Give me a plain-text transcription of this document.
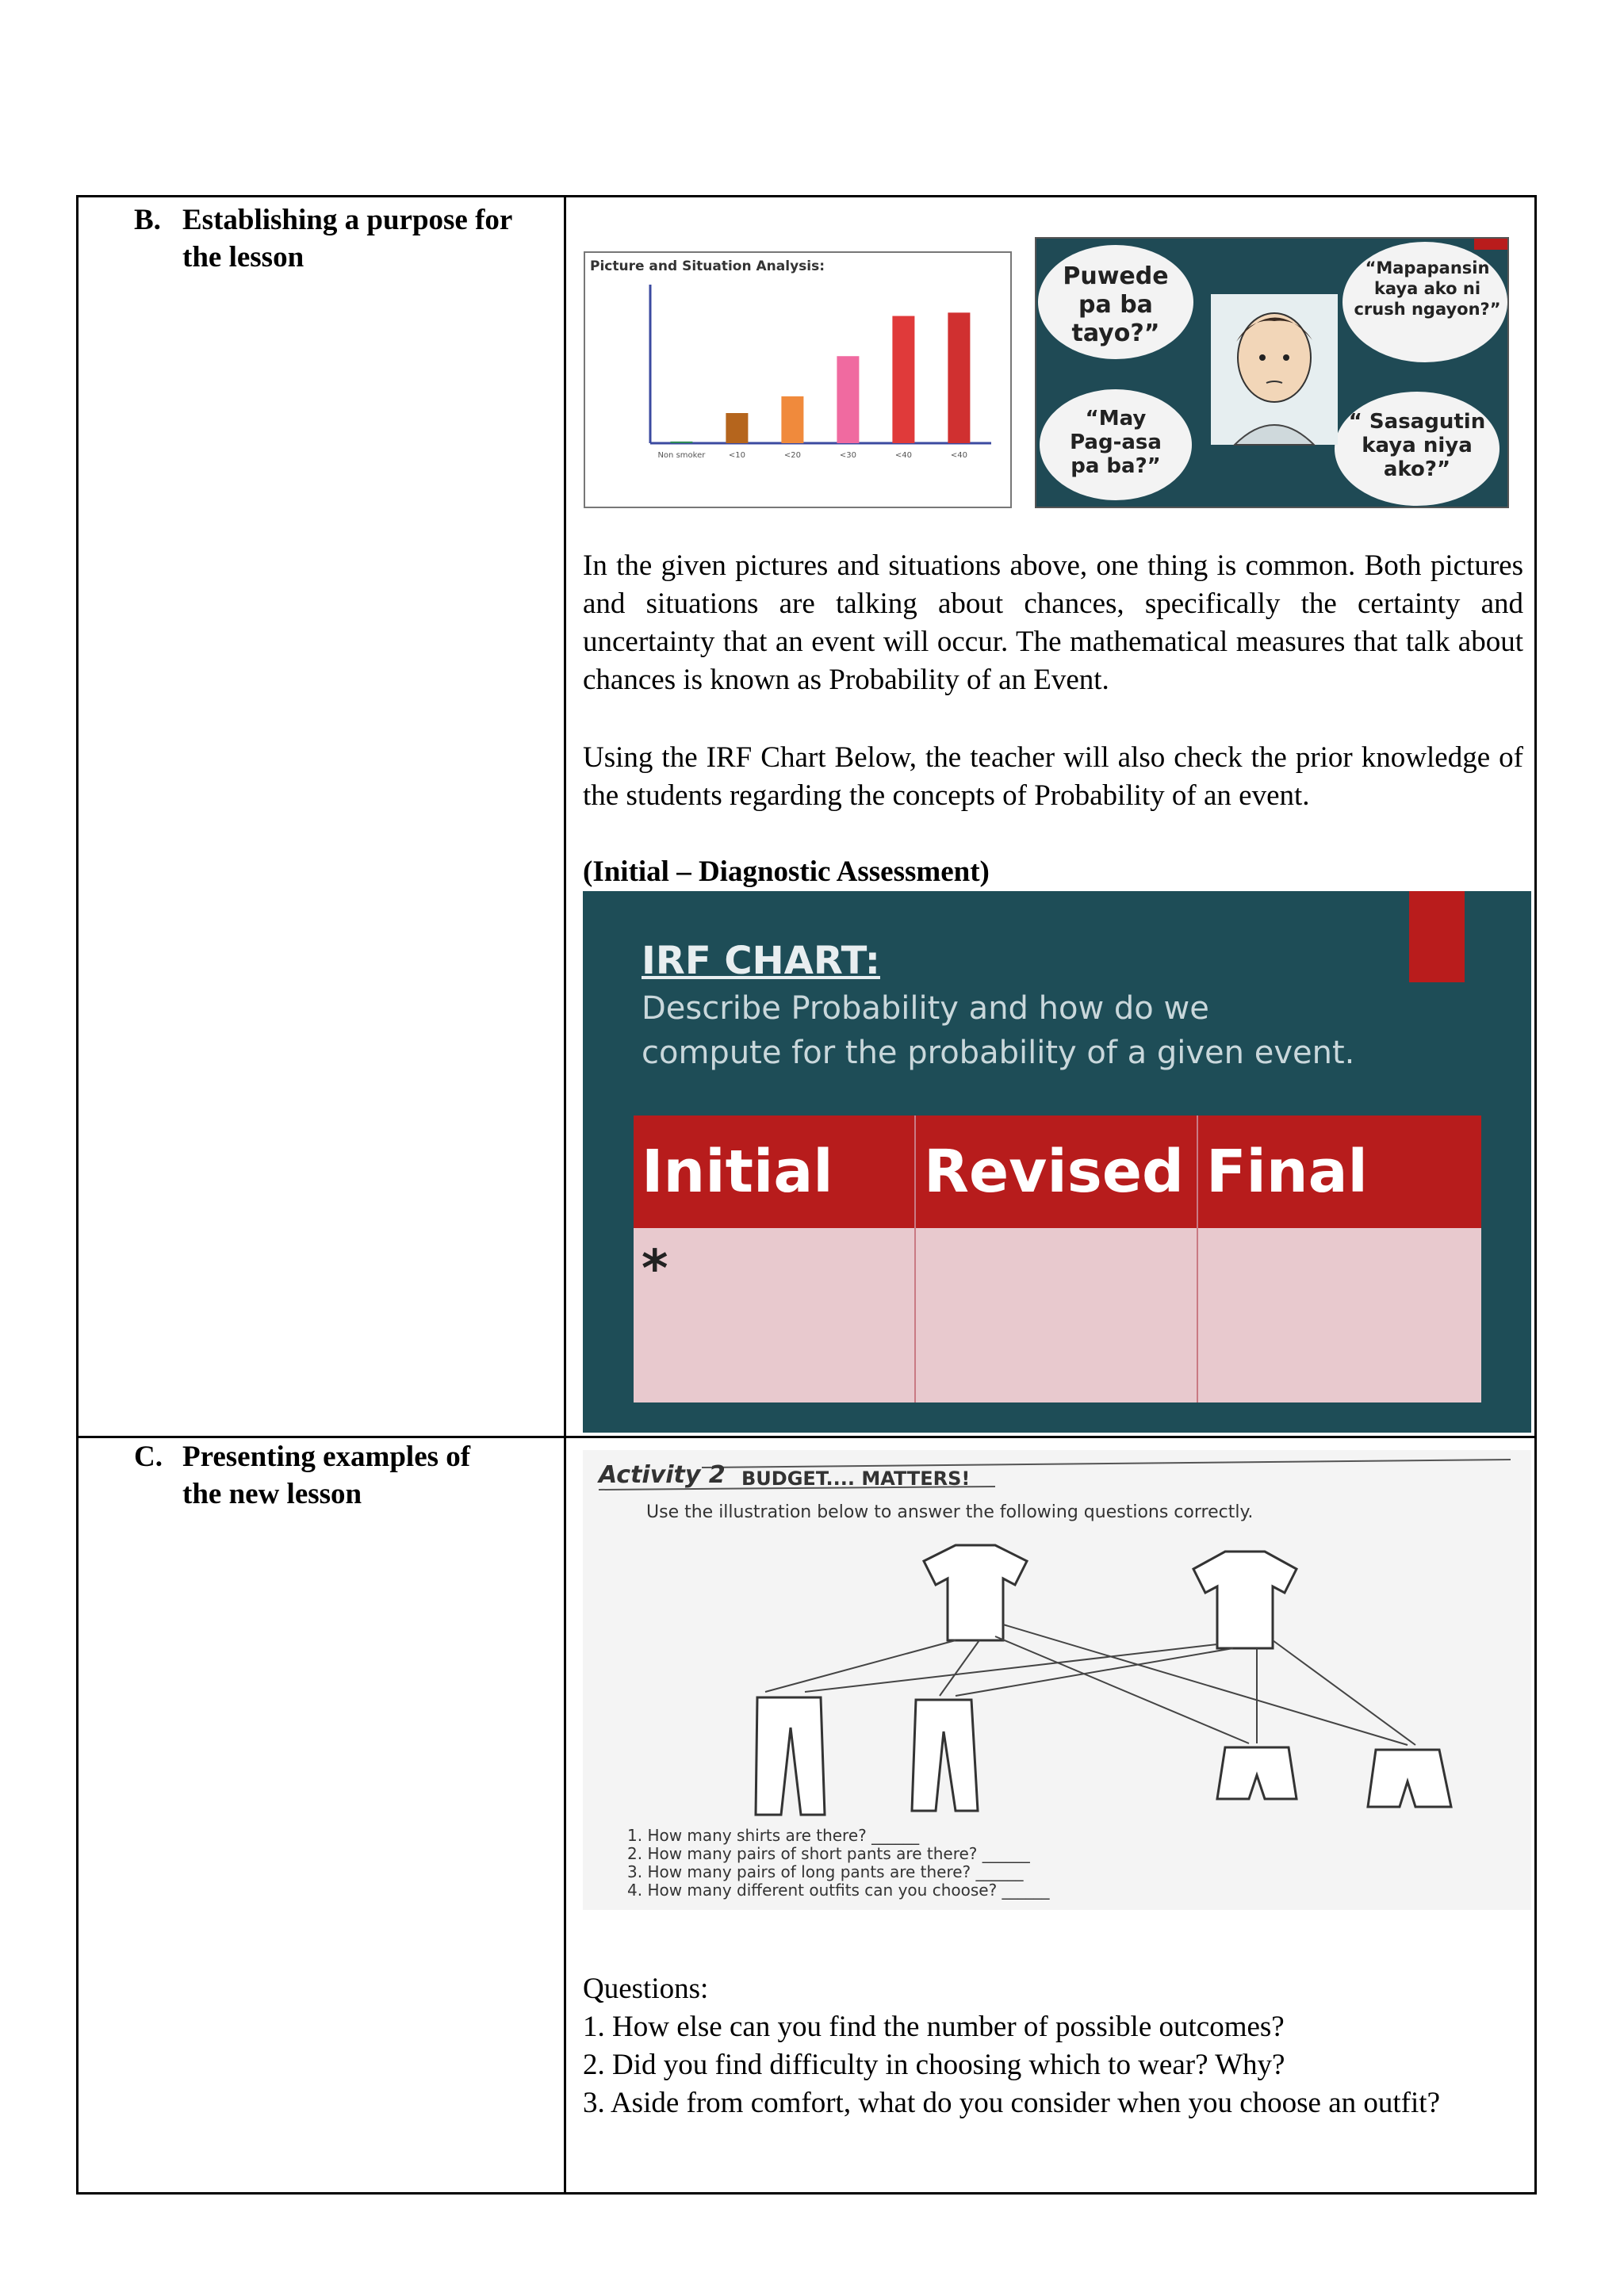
B. Establishing a purpose for
the lesson	Picture and Situation Analysis:
Non smoker	<10	<20	<30	<40	<40
Puwede pa ba tayo?”
“Mapapansin kaya ako ni crush ngayon?”
“May Pag-asa pa ba?”
“ Sasagutin kaya niya ako?”
In the given pictures and situations above, one thing is common. Both pictures and situations are talking about chances, specifically the certainty and uncertainty that an event will occur. The mathematical measures that talk about chances is known as Probability of an Event.
Using the IRF Chart Below, the teacher will also check the prior knowledge of the students regarding the concepts of Probability of an event.
(Initial – Diagnostic Assessment)
IRF CHART:
Describe Probability and how do we compute for the probability of a given event.
Initial Revised Final
*
C. Presenting examples of
the new lesson
Activity 2 BUDGET.... MATTERS!
Use the illustration below to answer the following questions correctly.
1. How many shirts are there? ______
2. How many pairs of short pants are there? ______
3. How many pairs of long pants are there? ______
4. How many different outfits can you choose? ______
Questions:
1. How else can you find the number of possible outcomes?
2. Did you find difficulty in choosing which to wear? Why?
3. Aside from comfort, what do you consider when you choose an outfit?
